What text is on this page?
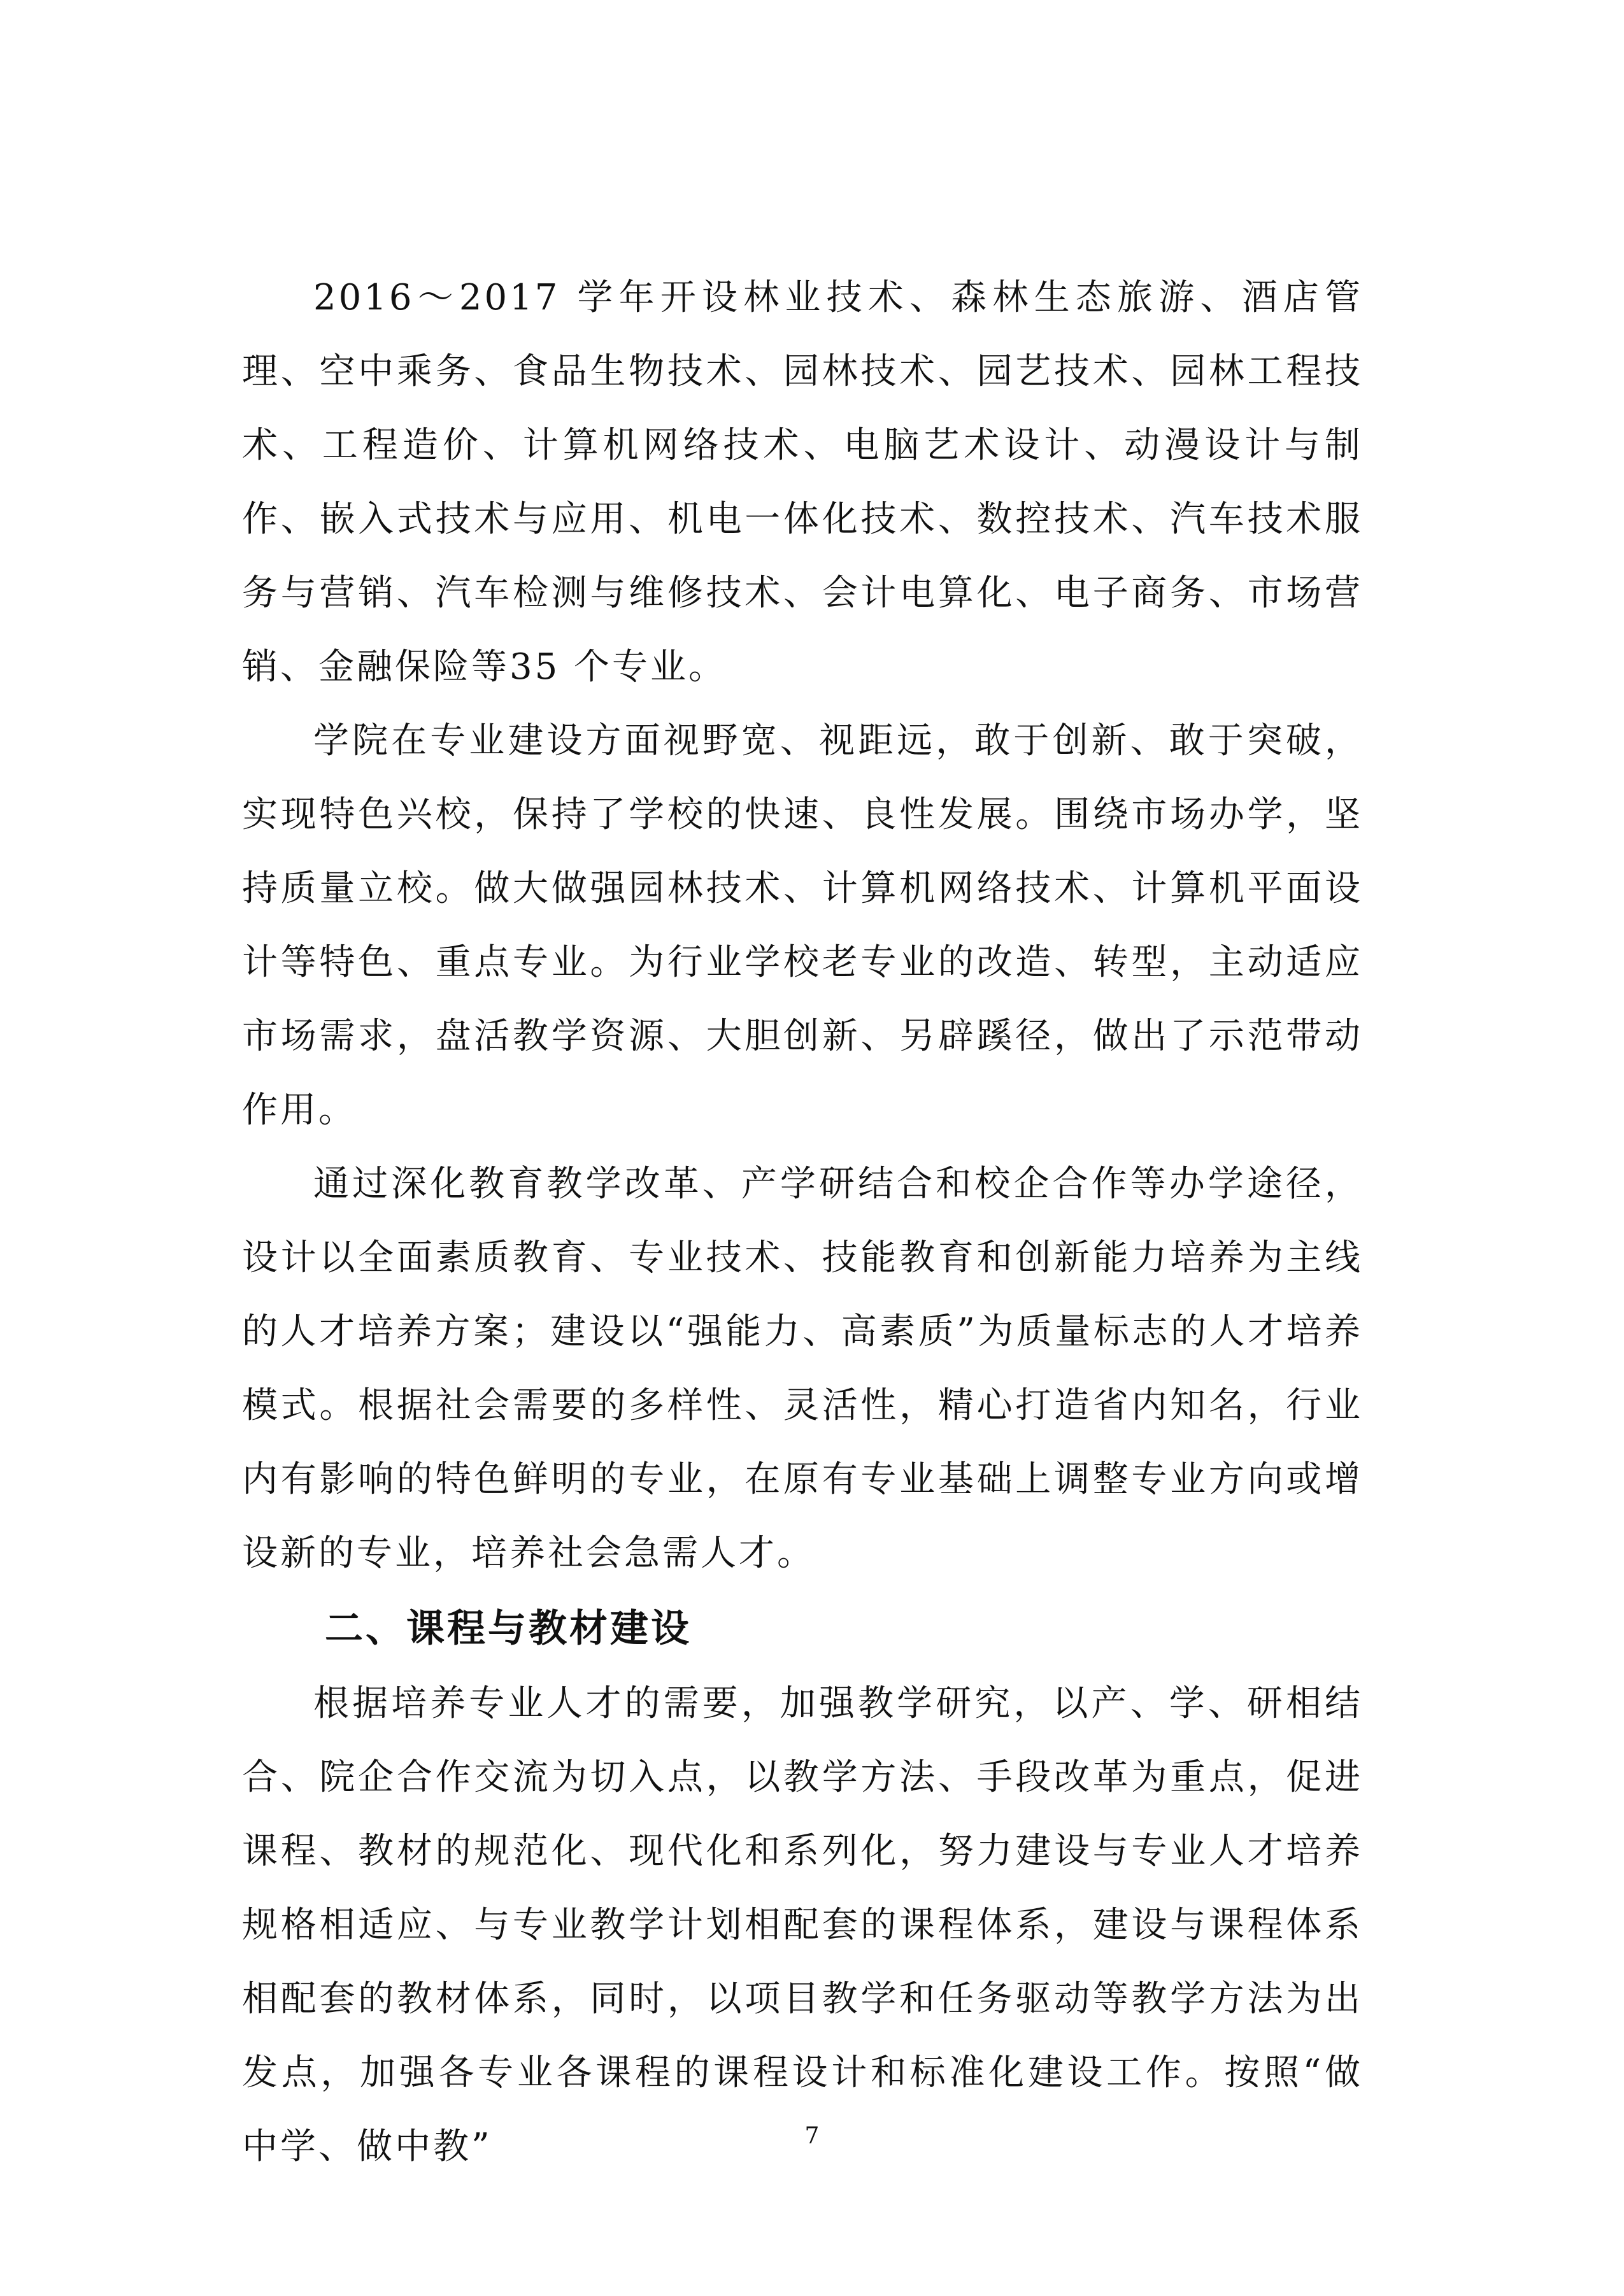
2016～2017 学年开设林业技术、森林生态旅游、酒店管理、空中乘务、食品生物技术、园林技术、园艺技术、园林工程技术、工程造价、计算机网络技术、电脑艺术设计、动漫设计与制作、嵌入式技术与应用、机电一体化技术、数控技术、汽车技术服务与营销、汽车检测与维修技术、会计电算化、电子商务、市场营销、金融保险等35 个专业。

学院在专业建设方面视野宽、视距远，敢于创新、敢于突破，实现特色兴校，保持了学校的快速、良性发展。围绕市场办学，坚持质量立校。做大做强园林技术、计算机网络技术、计算机平面设计等特色、重点专业。为行业学校老专业的改造、转型，主动适应市场需求，盘活教学资源、大胆创新、另辟蹊径，做出了示范带动作用。

通过深化教育教学改革、产学研结合和校企合作等办学途径，设计以全面素质教育、专业技术、技能教育和创新能力培养为主线的人才培养方案；建设以“强能力、高素质”为质量标志的人才培养模式。根据社会需要的多样性、灵活性，精心打造省内知名，行业内有影响的特色鲜明的专业，在原有专业基础上调整专业方向或增设新的专业，培养社会急需人才。

二、课程与教材建设

根据培养专业人才的需要，加强教学研究，以产、学、研相结合、院企合作交流为切入点，以教学方法、手段改革为重点，促进课程、教材的规范化、现代化和系列化，努力建设与专业人才培养规格相适应、与专业教学计划相配套的课程体系，建设与课程体系相配套的教材体系，同时，以项目教学和任务驱动等教学方法为出发点，加强各专业各课程的课程设计和标准化建设工作。按照“做中学、做中教”	7
